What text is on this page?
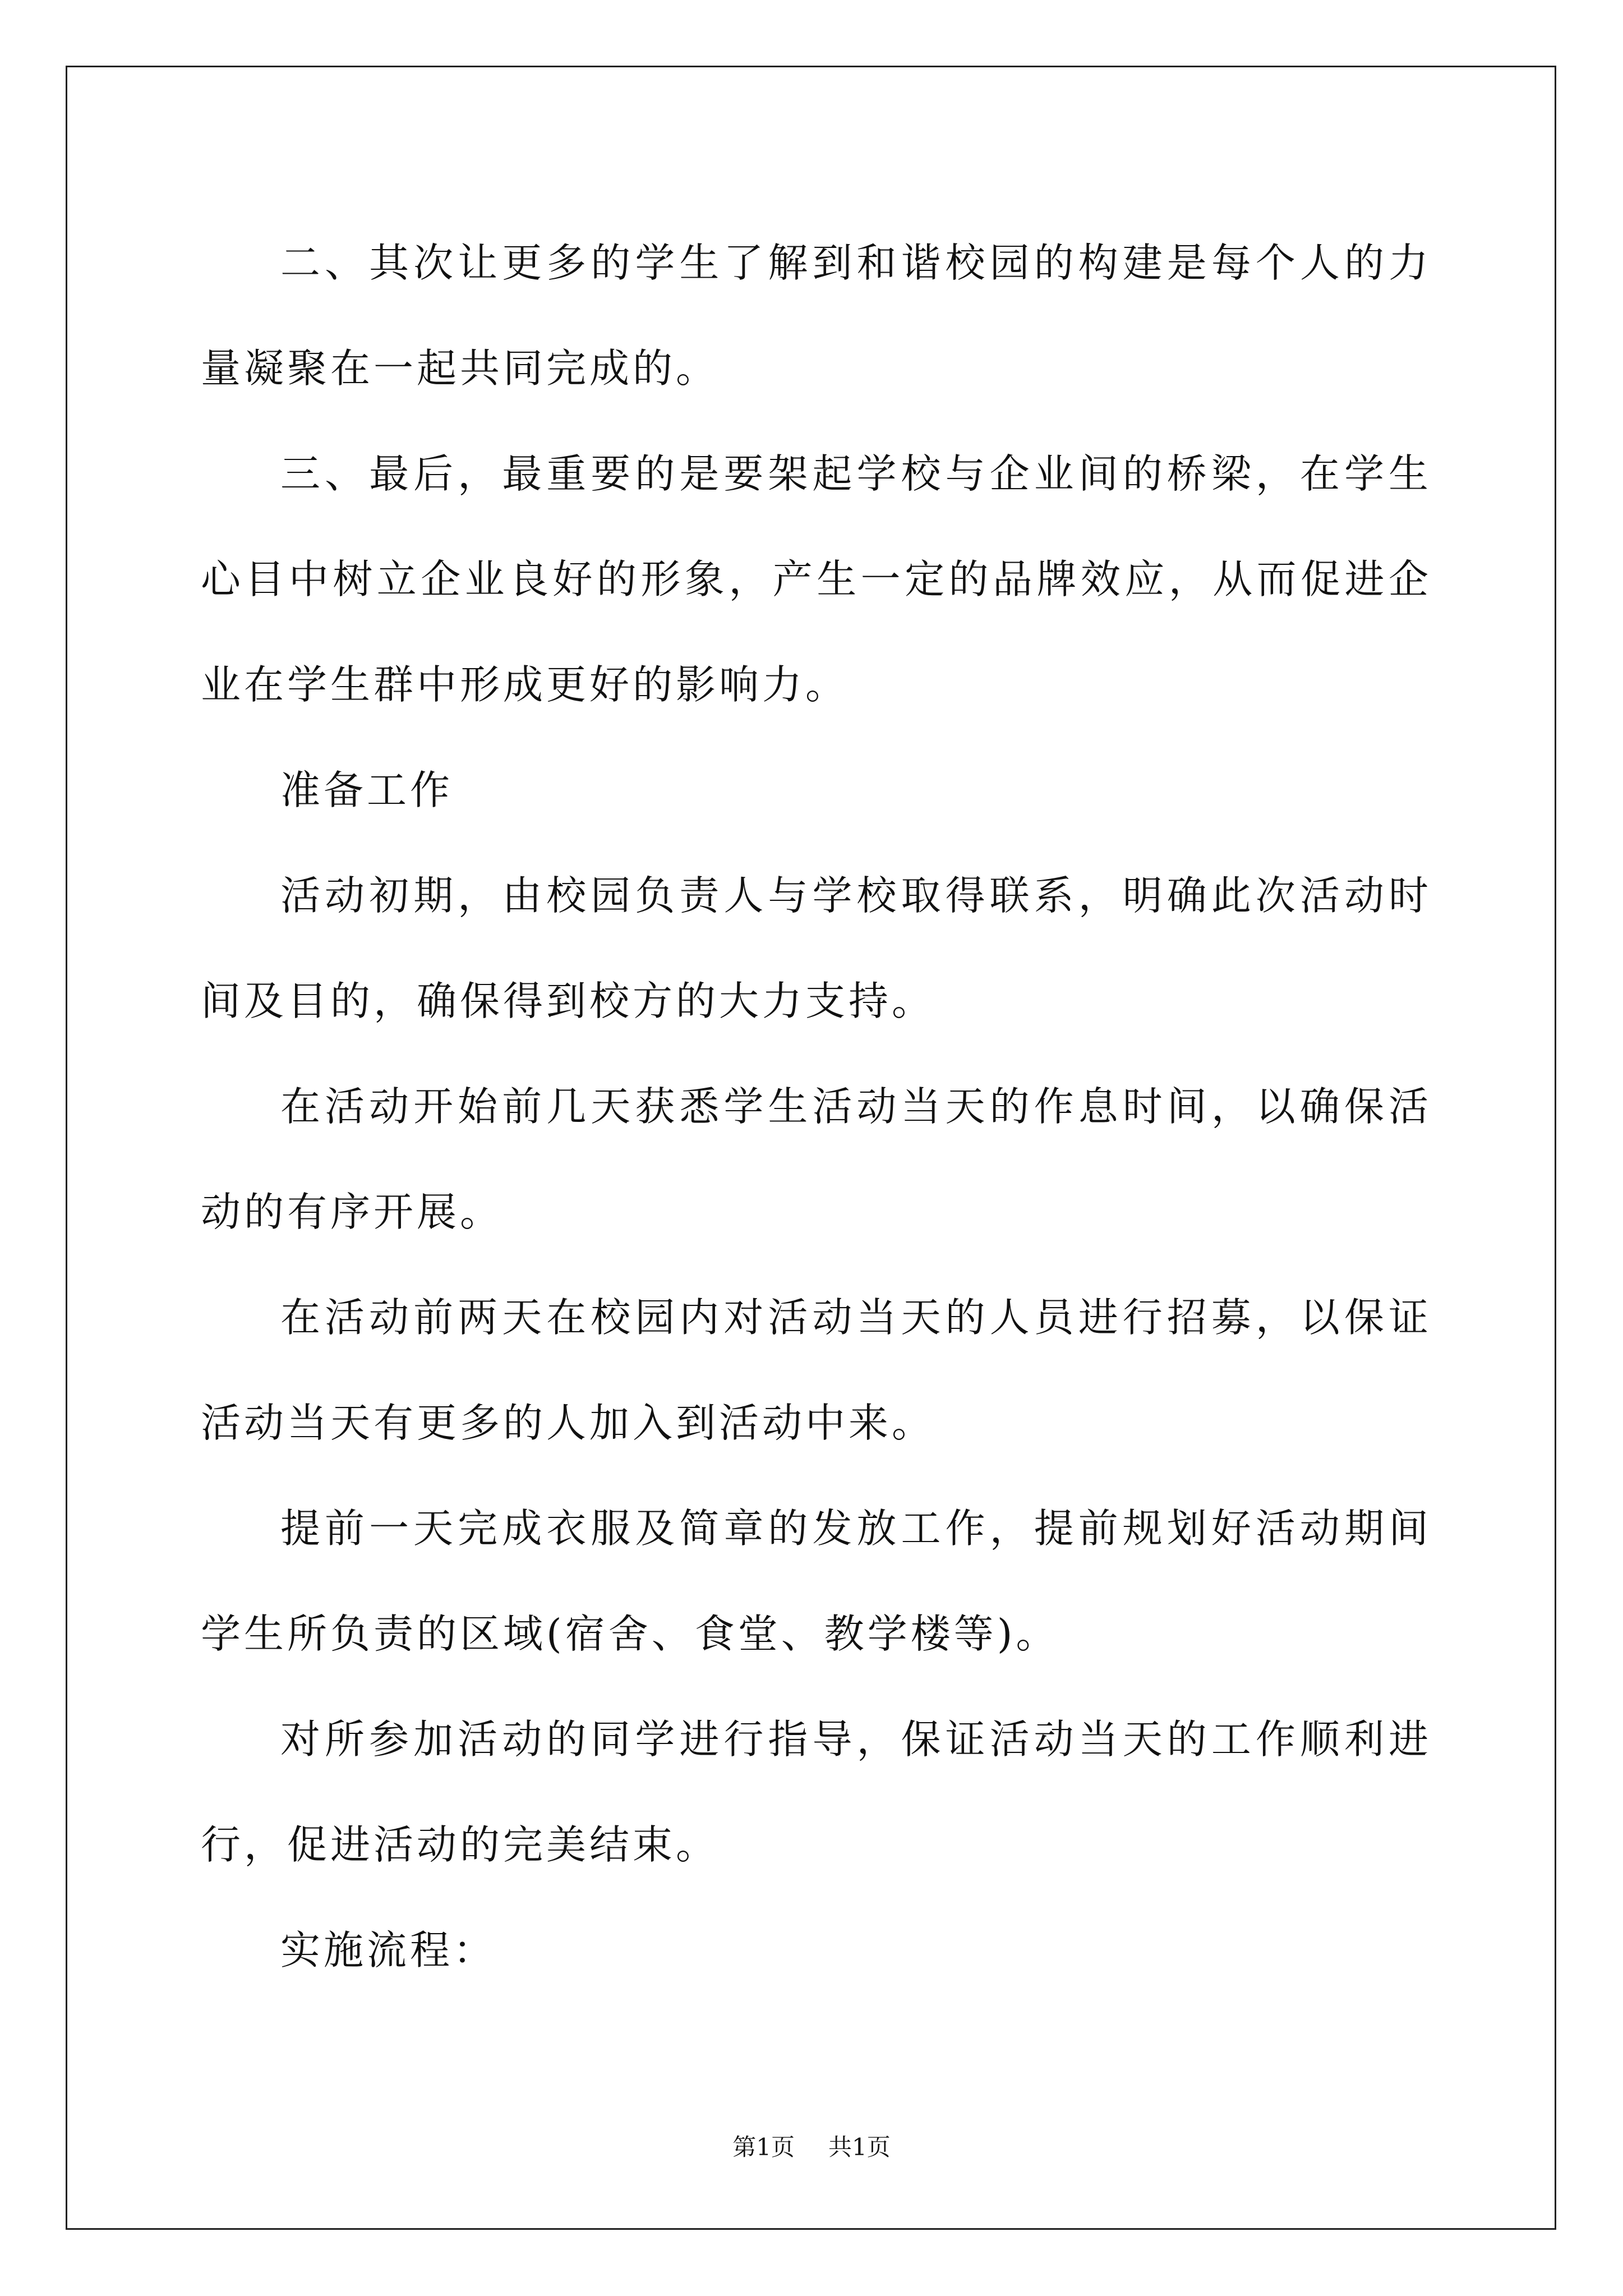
二、其次让更多的学生了解到和谐校园的构建是每个人的力量凝聚在一起共同完成的。

三、最后，最重要的是要架起学校与企业间的桥梁，在学生心目中树立企业良好的形象，产生一定的品牌效应，从而促进企业在学生群中形成更好的影响力。

准备工作

活动初期，由校园负责人与学校取得联系，明确此次活动时间及目的，确保得到校方的大力支持。

在活动开始前几天获悉学生活动当天的作息时间，以确保活动的有序开展。

在活动前两天在校园内对活动当天的人员进行招募，以保证活动当天有更多的人加入到活动中来。

提前一天完成衣服及简章的发放工作，提前规划好活动期间学生所负责的区域(宿舍、食堂、教学楼等)。

对所参加活动的同学进行指导，保证活动当天的工作顺利进行，促进活动的完美结束。

实施流程：

第1页 共1页
